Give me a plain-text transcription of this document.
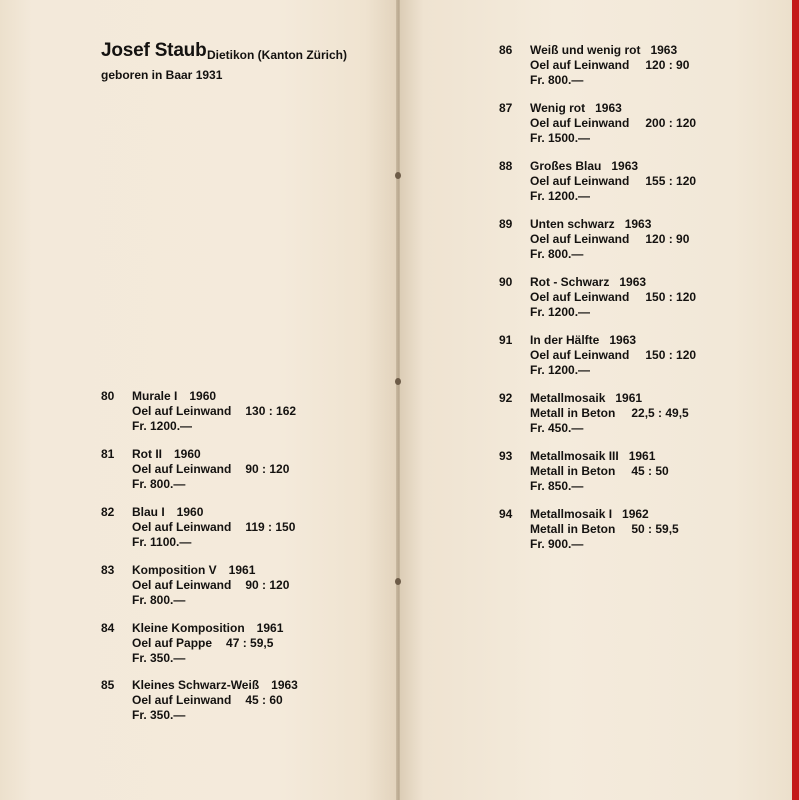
Josef Staub Dietikon (Kanton Zürich)
geboren in Baar 1931
80 Murale I 1960
Oel auf Leinwand 130 : 162
Fr. 1200.—
81 Rot II 1960
Oel auf Leinwand 90 : 120
Fr. 800.—
82 Blau I 1960
Oel auf Leinwand 119 : 150
Fr. 1100.—
83 Komposition V 1961
Oel auf Leinwand 90 : 120
Fr. 800.—
84 Kleine Komposition 1961
Oel auf Pappe 47 : 59,5
Fr. 350.—
85 Kleines Schwarz-Weiß 1963
Oel auf Leinwand 45 : 60
Fr. 350.—
86 Weiß und wenig rot 1963
Oel auf Leinwand 120 : 90
Fr. 800.—
87 Wenig rot 1963
Oel auf Leinwand 200 : 120
Fr. 1500.—
88 Großes Blau 1963
Oel auf Leinwand 155 : 120
Fr. 1200.—
89 Unten schwarz 1963
Oel auf Leinwand 120 : 90
Fr. 800.—
90 Rot - Schwarz 1963
Oel auf Leinwand 150 : 120
Fr. 1200.—
91 In der Hälfte 1963
Oel auf Leinwand 150 : 120
Fr. 1200.—
92 Metallmosaik 1961
Metall in Beton 22,5 : 49,5
Fr. 450.—
93 Metallmosaik III 1961
Metall in Beton 45 : 50
Fr. 850.—
94 Metallmosaik I 1962
Metall in Beton 50 : 59,5
Fr. 900.—
